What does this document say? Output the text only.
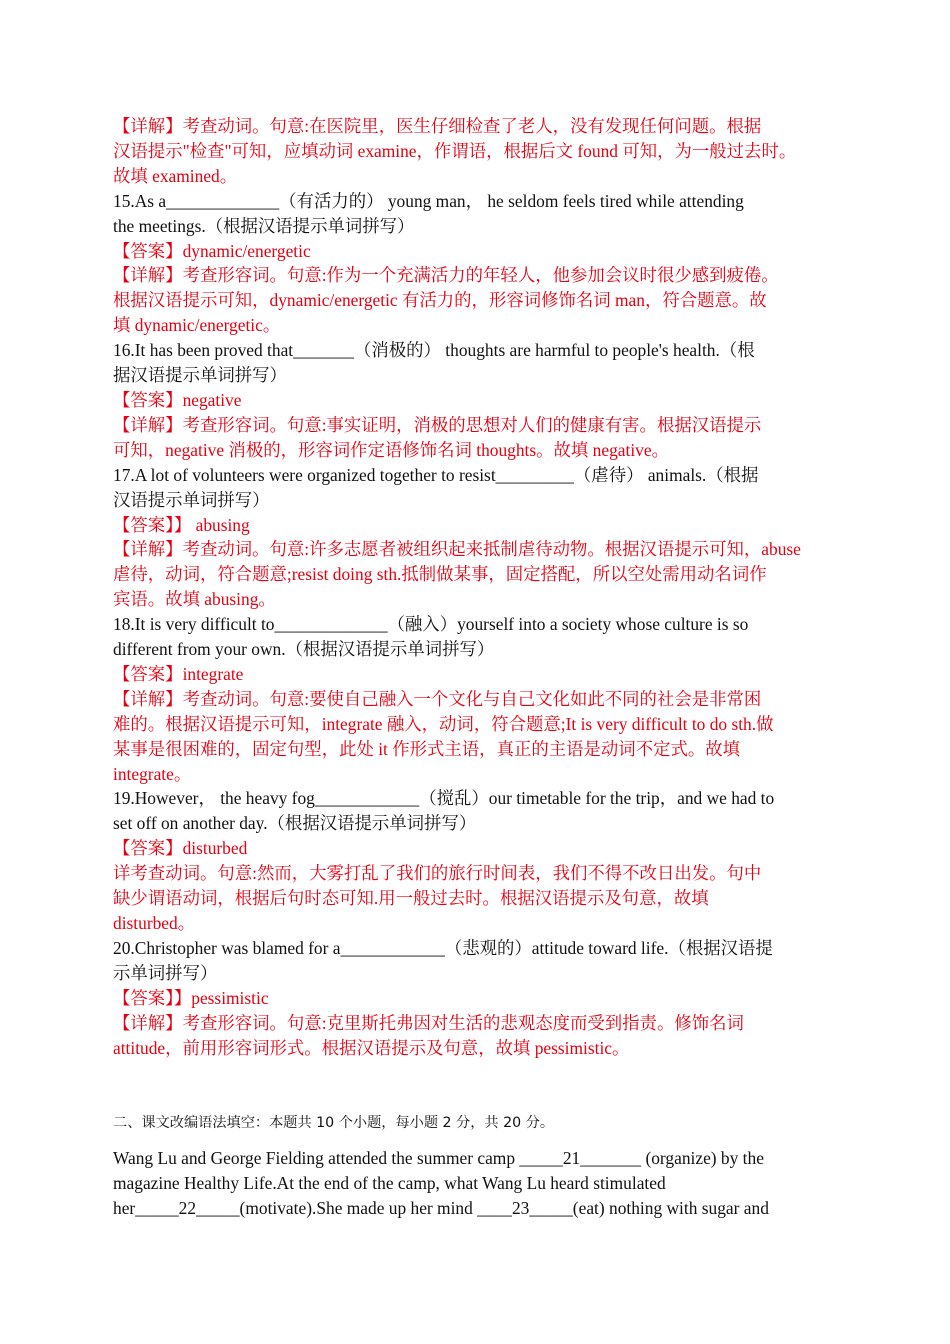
【详解】考查动词。句意:在医院里，医生仔细检查了老人，没有发现任何问题。根据
汉语提示"检查"可知，应填动词 examine，作谓语，根据后文 found 可知，为一般过去时。
故填 examined。
15.As a_____________（有活力的） young man， he seldom feels tired while attending
the meetings.（根据汉语提示单词拼写）
【答案】dynamic/energetic
【详解】考查形容词。句意:作为一个充满活力的年轻人，他参加会议时很少感到疲倦。
根据汉语提示可知，dynamic/energetic 有活力的，形容词修饰名词 man，符合题意。故
填 dynamic/energetic。
16.It has been proved that_______（消极的） thoughts are harmful to people's health.（根
据汉语提示单词拼写）
【答案】negative
【详解】考查形容词。句意:事实证明，消极的思想对人们的健康有害。根据汉语提示
可知，negative 消极的，形容词作定语修饰名词 thoughts。故填 negative。
17.A lot of volunteers were organized together to resist_________（虐待） animals.（根据
汉语提示单词拼写）
【答案】】 abusing
【详解】考查动词。句意:许多志愿者被组织起来抵制虐待动物。根据汉语提示可知，abuse
虐待，动词，符合题意;resist doing sth.抵制做某事，固定搭配，所以空处需用动名词作
宾语。故填 abusing。
18.It is very difficult to_____________（融入）yourself into a society whose culture is so
different from your own.（根据汉语提示单词拼写）
【答案】integrate
【详解】考查动词。句意:要使自己融入一个文化与自己文化如此不同的社会是非常困
难的。根据汉语提示可知，integrate 融入，动词，符合题意;It is very difficult to do sth.做
某事是很困难的，固定句型，此处 it 作形式主语，真正的主语是动词不定式。故填
integrate。
19.However， the heavy fog____________（搅乱）our timetable for the trip，and we had to
set off on another day.（根据汉语提示单词拼写）
【答案】disturbed
详考查动词。句意:然而，大雾打乱了我们的旅行时间表，我们不得不改日出发。句中
缺少谓语动词，根据后句时态可知.用一般过去时。根据汉语提示及句意，故填
disturbed。
20.Christopher was blamed for a____________（悲观的）attitude toward life.（根据汉语提
示单词拼写）
【答案】】pessimistic
【详解】考查形容词。句意:克里斯托弗因对生活的悲观态度而受到指责。修饰名词
attitude，前用形容词形式。根据汉语提示及句意，故填 pessimistic。
二、课文改编语法填空：本题共 10 个小题，每小题 2 分，共 20 分。
Wang Lu and George Fielding attended the summer camp _____21_______ (organize) by the
magazine Healthy Life.At the end of the camp, what Wang Lu heard stimulated
her_____22_____(motivate).She made up her mind ____23_____(eat) nothing with sugar and
